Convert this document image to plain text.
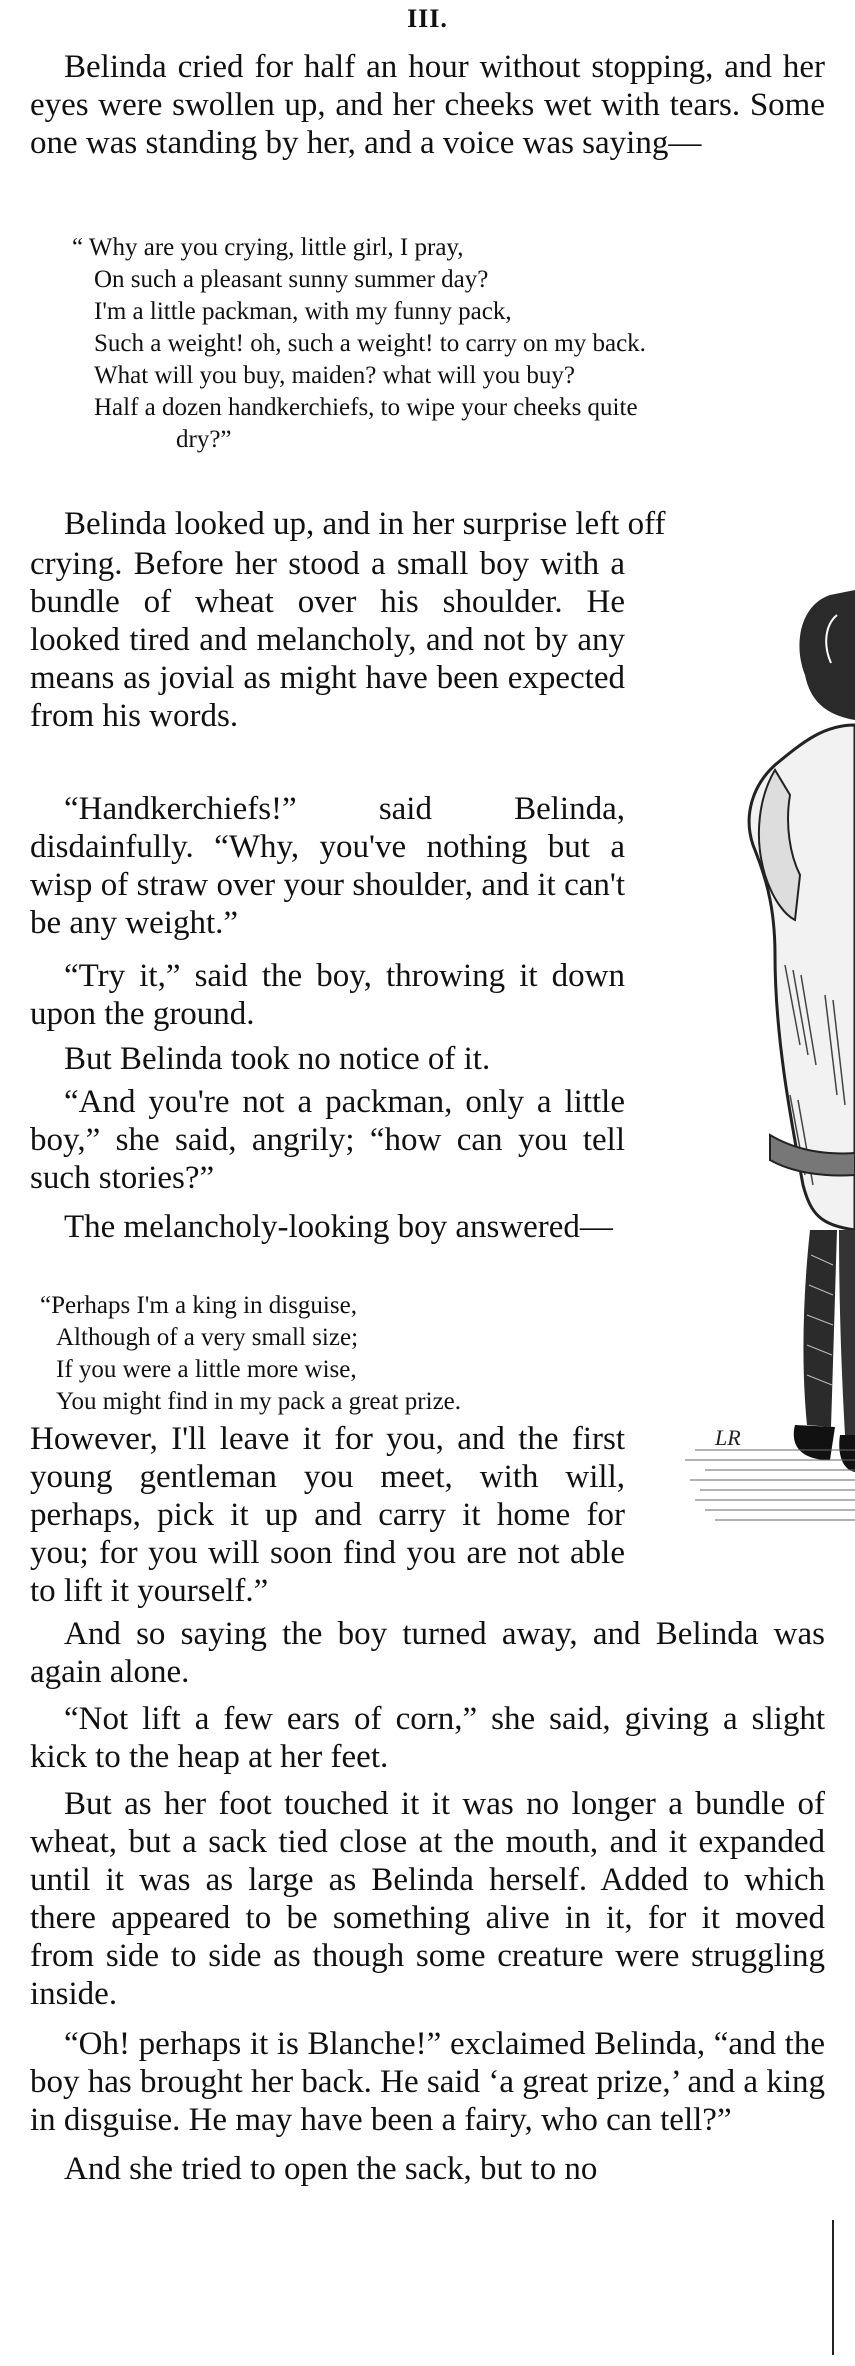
III.

Belinda cried for half an hour without stopping, and her eyes were swollen up, and her cheeks wet with tears. Some one was standing by her, and a voice was saying—

“ Why are you crying, little girl, I pray,
On such a pleasant sunny summer day?
I'm a little packman, with my funny pack,
Such a weight! oh, such a weight! to carry on my back.
What will you buy, maiden? what will you buy?
Half a dozen handkerchiefs, to wipe your cheeks quite
dry?”

Belinda looked up, and in her surprise left off

crying. Before her stood a small boy with a bundle of wheat over his shoulder. He looked tired and melancholy, and not by any means as jovial as might have been expected from his words.

“Handkerchiefs!” said Belinda, disdainfully. “Why, you've nothing but a wisp of straw over your shoulder, and it can't be any weight.”

“Try it,” said the boy, throwing it down upon the ground.

But Belinda took no notice of it.

“And you're not a packman, only a little boy,” she said, angrily; “how can you tell such stories?”

The melancholy-looking boy answered—

“Perhaps I'm a king in disguise,
Although of a very small size;
If you were a little more wise,
You might find in my pack a great prize.

However, I'll leave it for you, and the first young gentleman you meet, with will, perhaps, pick it up and carry it home for you; for you will soon find you are not able to lift it yourself.”

And so saying the boy turned away, and Belinda was again alone.

“Not lift a few ears of corn,” she said, giving a slight kick to the heap at her feet.

But as her foot touched it it was no longer a bundle of wheat, but a sack tied close at the mouth, and it expanded until it was as large as Belinda herself. Added to which there appeared to be something alive in it, for it moved from side to side as though some creature were struggling inside.

“Oh! perhaps it is Blanche!” exclaimed Belinda, “and the boy has brought her back. He said ‘a great prize,’ and a king in disguise. He may have been a fairy, who can tell?”

And she tried to open the sack, but to no

LR
